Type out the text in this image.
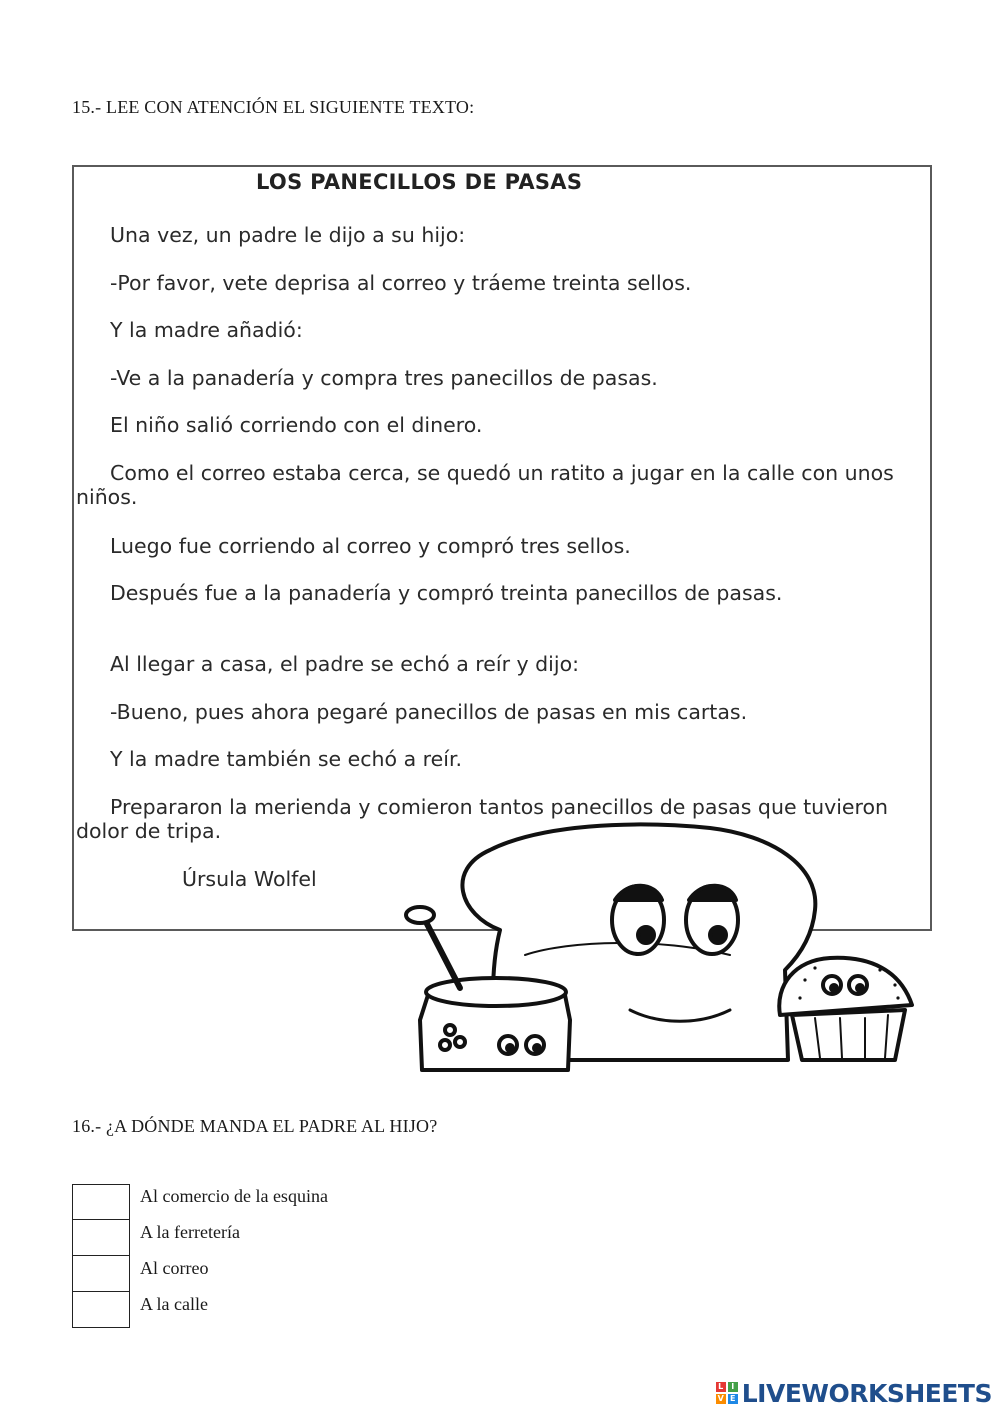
15.- LEE CON ATENCIÓN EL SIGUIENTE TEXTO:
LOS PANECILLOS DE PASAS
Una vez, un padre le dijo a su hijo:
-Por favor, vete deprisa al correo y tráeme treinta sellos.
Y la madre añadió:
-Ve a la panadería y compra tres panecillos de pasas.
El niño salió corriendo con el dinero.
Como el correo estaba cerca, se quedó un ratito a jugar en la calle con unos niños.
Luego fue corriendo al correo y compró tres sellos.
Después fue a la panadería y compró treinta panecillos de pasas.
Al llegar a casa, el padre se echó a reír y dijo:
-Bueno, pues ahora pegaré panecillos de pasas en mis cartas.
Y la madre también se echó a reír.
Prepararon la merienda y comieron tantos panecillos de pasas que tuvieron dolor de tripa.
Úrsula Wolfel
16.- ¿A DÓNDE MANDA EL PADRE AL HIJO?
Al comercio de la esquina
A la ferretería
Al correo
A la calle
L I
V E LIVEWORKSHEETS
